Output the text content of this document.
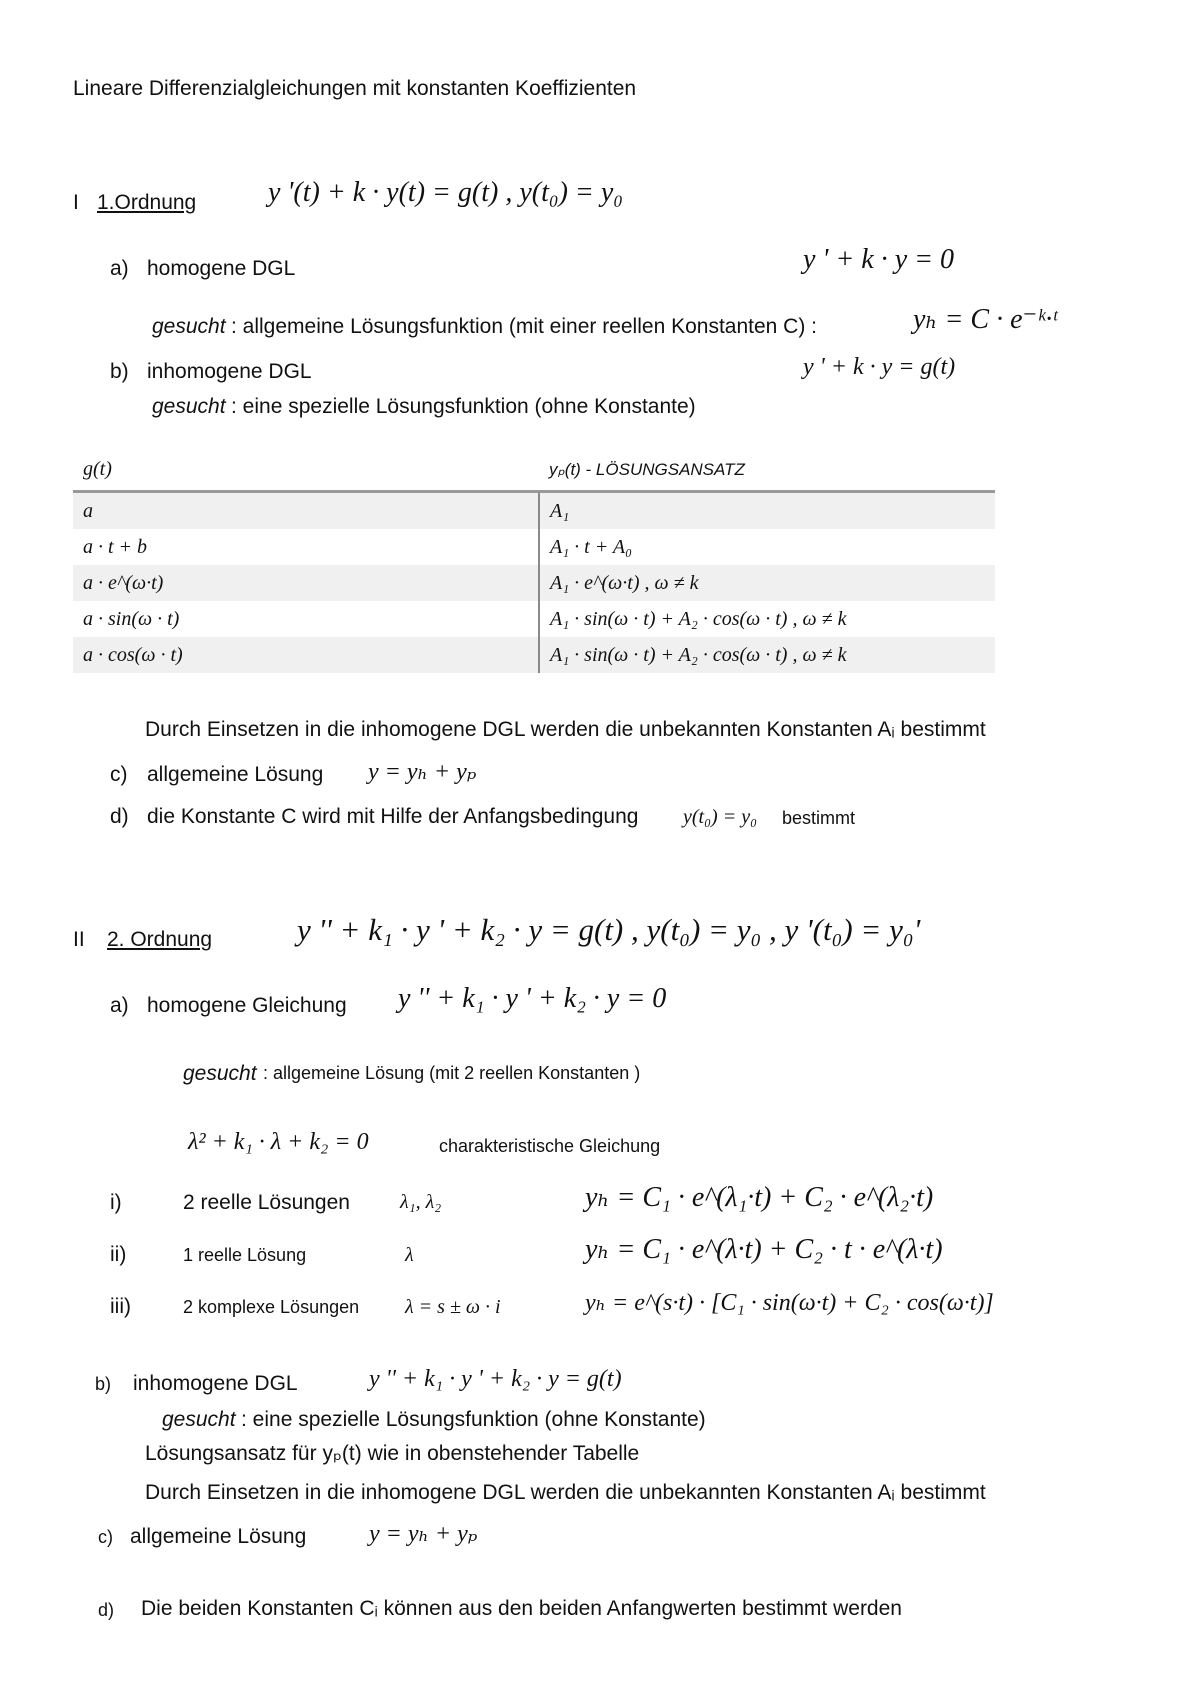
Lineare Differenzialgleichungen mit konstanten Koeffizienten
I 1.Ordnung	y '(t) + k · y(t) = g(t) , y(t₀) = y₀
a) homogene DGL	y ' + k · y = 0
gesucht : allgemeine Lösungsfunktion (mit einer reellen Konstanten C) :	yₕ = C · e⁻ᵏ·ᵗ
b) inhomogene DGL	y ' + k · y = g(t)
gesucht : eine spezielle Lösungsfunktion (ohne Konstante)
g(t)	yₚ(t) - LÖSUNGSANSATZ
a	A₁
a · t + b	A₁ · t + A₀
a · e^(ω·t)	A₁ · e^(ω·t) , ω ≠ k
a · sin(ω · t)	A₁ · sin(ω · t) + A₂ · cos(ω · t) , ω ≠ k
a · cos(ω · t)	A₁ · sin(ω · t) + A₂ · cos(ω · t) , ω ≠ k
Durch Einsetzen in die inhomogene DGL werden die unbekannten Konstanten Aᵢ bestimmt
c) allgemeine Lösung y = yₕ + yₚ
d) die Konstante C wird mit Hilfe der Anfangsbedingung y(t₀) = y₀ bestimmt
II 2. Ordnung	y '' + k₁ · y ' + k₂ · y = g(t) , y(t₀) = y₀ , y '(t₀) = y₀'
a) homogene Gleichung y '' + k₁ · y ' + k₂ · y = 0
gesucht : allgemeine Lösung (mit 2 reellen Konstanten )
λ² + k₁ · λ + k₂ = 0	charakteristische Gleichung
i)	2 reelle Lösungen	λ₁, λ₂	yₕ = C₁ · e^(λ₁·t) + C₂ · e^(λ₂·t)
ii)	1 reelle Lösung	λ	yₕ = C₁ · e^(λ·t) + C₂ · t · e^(λ·t)
iii)	2 komplexe Lösungen λ = s ± ω · i	yₕ = e^(s·t) · [C₁ · sin(ω·t) + C₂ · cos(ω·t)]
b) inhomogene DGL	y '' + k₁ · y ' + k₂ · y = g(t)
gesucht : eine spezielle Lösungsfunktion (ohne Konstante)
Lösungsansatz für yₚ(t) wie in obenstehender Tabelle
Durch Einsetzen in die inhomogene DGL werden die unbekannten Konstanten Aᵢ bestimmt
c) allgemeine Lösung	y = yₕ + yₚ
d) Die beiden Konstanten Cᵢ können aus den beiden Anfangwerten bestimmt werden
